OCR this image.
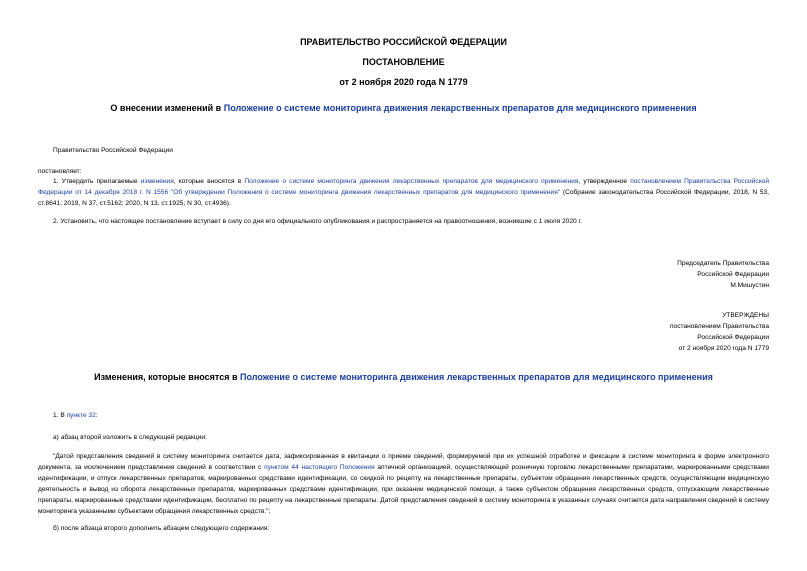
ПРАВИТЕЛЬСТВО РОССИЙСКОЙ ФЕДЕРАЦИИ
ПОСТАНОВЛЕНИЕ
от 2 ноября 2020 года N 1779
О внесении изменений в Положение о системе мониторинга движения лекарственных препаратов для медицинского применения
Правительство Российской Федерации
постановляет:
1. Утвердить прилагаемые изменения, которые вносятся в Положение о системе мониторинга движения лекарственных препаратов для медицинского применения, утвержденное постановлением Правительства Российской Федерации от 14 декабря 2018 г. N 1556 "Об утверждении Положения о системе мониторинга движения лекарственных препаратов для медицинского применения" (Собрание законодательства Российской Федерации, 2018, N 53, ст.8641; 2019, N 37, ст.5162; 2020, N 13, ст.1925; N 30, ст.4936).
2. Установить, что настоящее постановление вступает в силу со дня его официального опубликования и распространяется на правоотношения, возникшие с 1 июля 2020 г.
Председатель Правительства
Российской Федерации
М.Мишустин
УТВЕРЖДЕНЫ
постановлением Правительства
Российской Федерации
от 2 ноября 2020 года N 1779
Изменения, которые вносятся в Положение о системе мониторинга движения лекарственных препаратов для медицинского применения
1. В пункте 32:
а) абзац второй изложить в следующей редакции:
"Датой представления сведений в систему мониторинга считается дата, зафиксированная в квитанции о приеме сведений, формируемой при их успешной отработке и фиксации в системе мониторинга в форме электронного документа, за исключением представления сведений в соответствии с пунктом 44 настоящего Положения аптечной организацией, осуществляющей розничную торговлю лекарственными препаратами, маркированными средствами идентификации, и отпуск лекарственных препаратов, маркированных средствами идентификации, со скидкой по рецепту на лекарственные препараты, субъектом обращения лекарственных средств, осуществляющим медицинскую деятельность и вывод из оборота лекарственных препаратов, маркированных средствами идентификации, при оказании медицинской помощи, а также субъектом обращения лекарственных средств, отпускающим лекарственные препараты, маркированные средствами идентификации, бесплатно по рецепту на лекарственные препараты. Датой представления сведений в систему мониторинга в указанных случаях считается дата направления сведений в систему мониторинга указанными субъектами обращения лекарственных средств.";
б) после абзаца второго дополнить абзацем следующего содержания:
